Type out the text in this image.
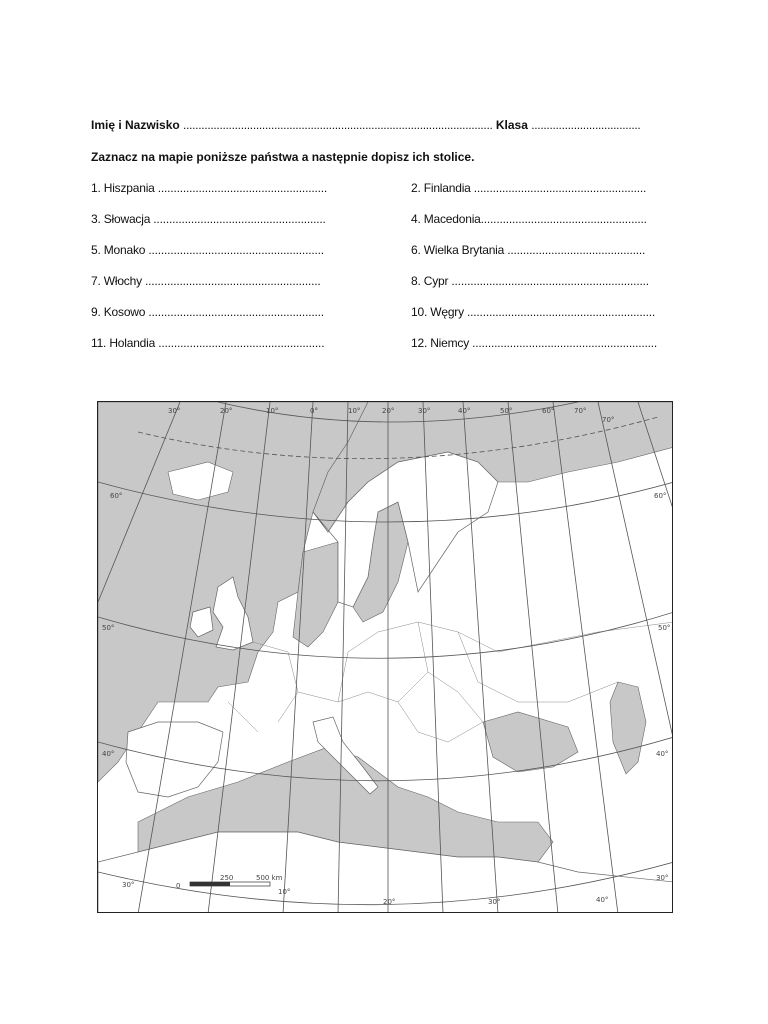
Imię i Nazwisko ...................................................................................................... Klasa ....................................
Zaznacz na mapie poniższe państwa a następnie dopisz ich stolice.
1. Hiszpania ......................................................	2. Finlandia .......................................................
3. Słowacja .......................................................	4. Macedonia.....................................................
5. Monako ........................................................	6. Wielka Brytania ............................................
7. Włochy ........................................................	8. Cypr ...............................................................
9. Kosowo ........................................................	10. Węgry ............................................................
11. Holandia .....................................................	12. Niemcy ...........................................................
30°	20°	10°	0°	10°	20°	30°	40°	50°	60°	70°
60°
50°
40°
30°
70°
60°
50°
40°
30°
10°
20°	30°	40°
0
250	500 km
